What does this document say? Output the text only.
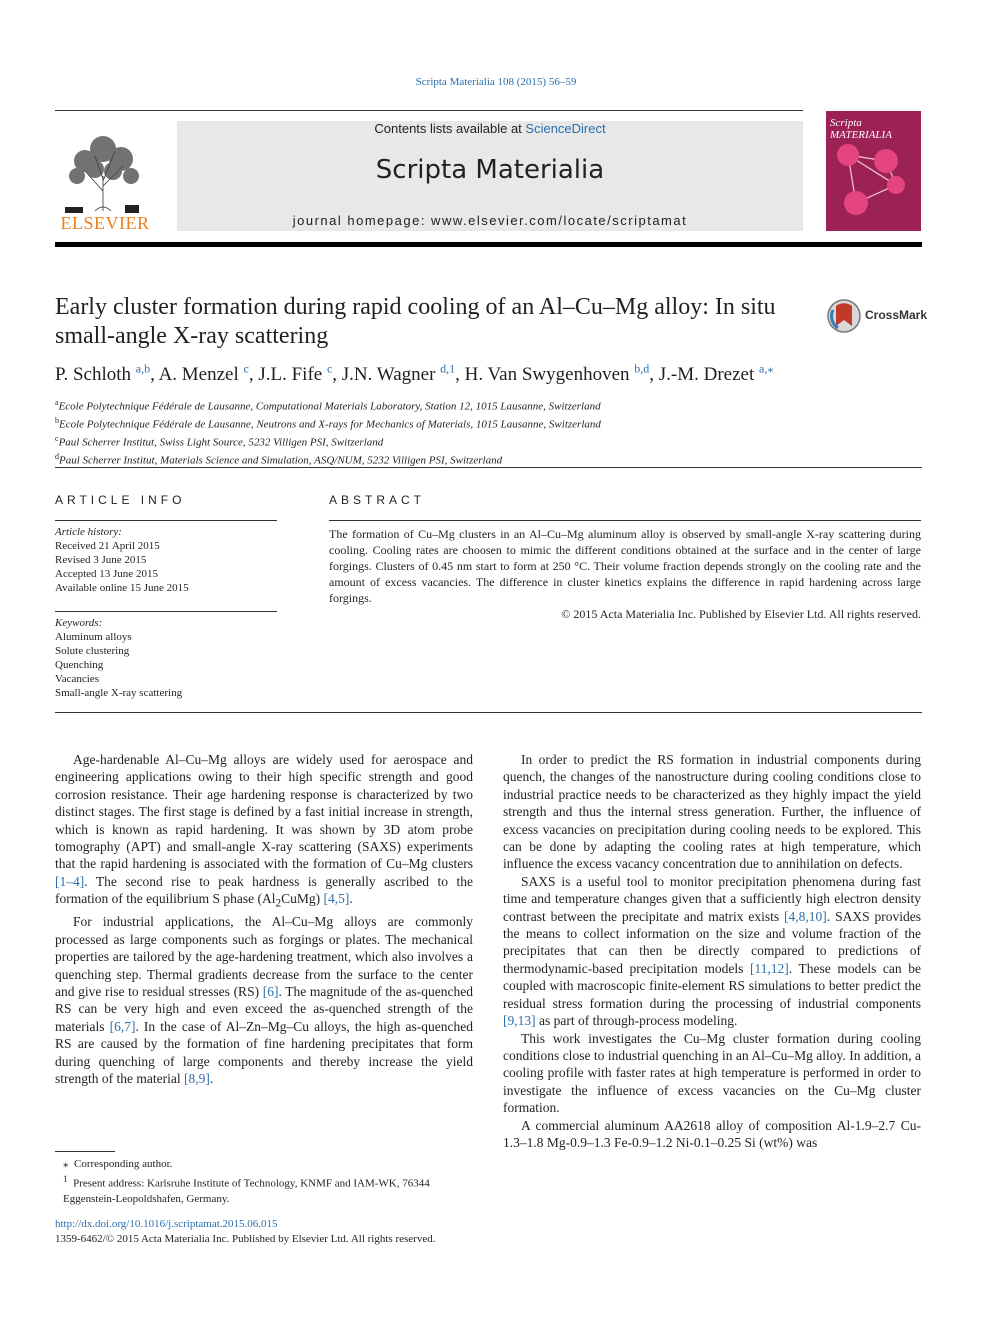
Scripta Materialia 108 (2015) 56–59
ELSEVIER
Contents lists available at ScienceDirect
Scripta Materialia
journal homepage: www.elsevier.com/locate/scriptamat
Scripta MATERIALIA
Early cluster formation during rapid cooling of an Al–Cu–Mg alloy: In situ small-angle X-ray scattering
CrossMark
P. Schloth $^{a,b}$, A. Menzel $^c$, J.L. Fife $^c$, J.N. Wagner $^{d,1}$, H. Van Swygenhoven $^{b,d}$, J.-M. Drezet $^{a,⁎}$
$^a$Ecole Polytechnique Fédérale de Lausanne, Computational Materials Laboratory, Station 12, 1015 Lausanne, Switzerland
$^b$Ecole Polytechnique Fédérale de Lausanne, Neutrons and X-rays for Mechanics of Materials, 1015 Lausanne, Switzerland
$^c$Paul Scherrer Institut, Swiss Light Source, 5232 Villigen PSI, Switzerland
$^d$Paul Scherrer Institut, Materials Science and Simulation, ASQ/NUM, 5232 Villigen PSI, Switzerland
ARTICLE INFO
Article history:
Received 21 April 2015
Revised 3 June 2015
Accepted 13 June 2015
Available online 15 June 2015
Keywords:
Aluminum alloys
Solute clustering
Quenching
Vacancies
Small-angle X-ray scattering
ABSTRACT
The formation of Cu–Mg clusters in an Al–Cu–Mg aluminum alloy is observed by small-angle X-ray scattering during cooling. Cooling rates are choosen to mimic the different conditions obtained at the surface and in the center of large forgings. Clusters of 0.45 nm start to form at 250 °C. Their volume fraction depends strongly on the cooling rate and the amount of excess vacancies. The difference in cluster kinetics explains the difference in rapid hardening across large forgings.
© 2015 Acta Materialia Inc. Published by Elsevier Ltd. All rights reserved.

Age-hardenable Al–Cu–Mg alloys are widely used for aerospace and engineering applications owing to their high specific strength and good corrosion resistance. Their age hardening response is characterized by two distinct stages. The first stage is defined by a fast initial increase in strength, which is known as rapid hardening. It was shown by 3D atom probe tomography (APT) and small-angle X-ray scattering (SAXS) experiments that the rapid hardening is associated with the formation of Cu–Mg clusters [1–4]. The second rise to peak hardness is generally ascribed to the formation of the equilibrium S phase $(Al_2CuMg)$ [4,5].

For industrial applications, the Al–Cu–Mg alloys are commonly processed as large components such as forgings or plates. The mechanical properties are tailored by the age-hardening treatment, which also involves a quenching step. Thermal gradients decrease from the surface to the center and give rise to residual stresses (RS) [6]. The magnitude of the as-quenched RS can be very high and even exceed the as-quenched strength of the materials [6,7]. In the case of Al–Zn–Mg–Cu alloys, the high as-quenched RS are caused by the formation of fine hardening precipitates that form during quenching of large components and thereby increase the yield strength of the material [8,9].

In order to predict the RS formation in industrial components during quench, the changes of the nanostructure during cooling conditions close to industrial practice needs to be characterized as they highly impact the yield strength and thus the internal stress generation. Further, the influence of excess vacancies on precipitation during cooling needs to be explored. This can be done by adapting the cooling rates at high temperature, which influence the excess vacancy concentration due to annihilation on defects.

SAXS is a useful tool to monitor precipitation phenomena during fast time and temperature changes given that a sufficiently high electron density contrast between the precipitate and matrix exists [4,8,10]. SAXS provides the means to collect information on the size and volume fraction of the precipitates that can then be directly compared to predictions of thermodynamic-based precipitation models [11,12]. These models can be coupled with macroscopic finite-element RS simulations to better predict the residual stress formation during the processing of industrial components [9,13] as part of through-process modeling.

This work investigates the Cu–Mg cluster formation during cooling conditions close to industrial quenching in an Al–Cu–Mg alloy. In addition, a cooling profile with faster rates at high temperature is performed in order to investigate the influence of excess vacancies on the Cu–Mg cluster formation.

A commercial aluminum AA2618 alloy of composition Al-1.9–2.7 Cu-1.3–1.8 Mg-0.9–1.3 Fe-0.9–1.2 Ni-0.1–0.25 Si (wt%) was

⁎ Corresponding author.
$^1$ Present address: Karlsruhe Institute of Technology, KNMF and IAM-WK, 76344 Eggenstein-Leopoldshafen, Germany.
http://dx.doi.org/10.1016/j.scriptamat.2015.06.015
1359-6462/© 2015 Acta Materialia Inc. Published by Elsevier Ltd. All rights reserved.
